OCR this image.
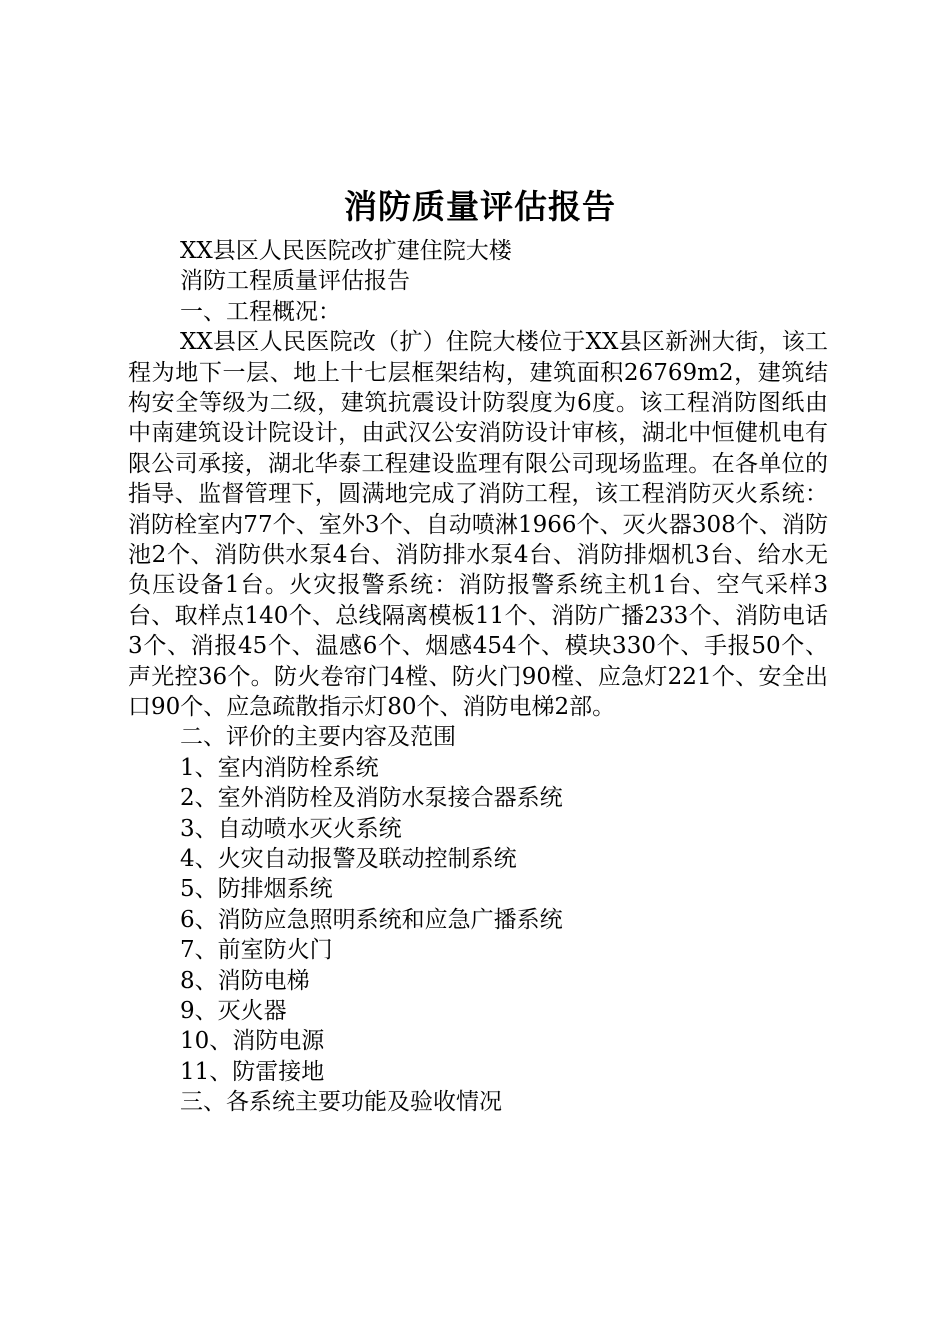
消防质量评估报告
XX县区人民医院改扩建住院大楼
消防工程质量评估报告
一、工程概况：
XX县区人民医院改（扩）住院大楼位于XX县区新洲大街，该工程为地下一层、地上十七层框架结构，建筑面积26769m2，建筑结构安全等级为二级，建筑抗震设计防裂度为6度。该工程消防图纸由中南建筑设计院设计，由武汉公安消防设计审核，湖北中恒健机电有限公司承接，湖北华泰工程建设监理有限公司现场监理。在各单位的指导、监督管理下，圆满地完成了消防工程，该工程消防灭火系统：消防栓室内77个、室外3个、自动喷淋1966个、灭火器308个、消防池2个、消防供水泵4台、消防排水泵4台、消防排烟机3台、给水无负压设备1台。火灾报警系统：消防报警系统主机1台、空气采样3台、取样点140个、总线隔离模板11个、消防广播233个、消防电话3个、消报45个、温感6个、烟感454个、模块330个、手报50个、声光控36个。防火卷帘门4樘、防火门90樘、应急灯221个、安全出口90个、应急疏散指示灯80个、消防电梯2部。
二、评价的主要内容及范围
1、室内消防栓系统
2、室外消防栓及消防水泵接合器系统
3、自动喷水灭火系统
4、火灾自动报警及联动控制系统
5、防排烟系统
6、消防应急照明系统和应急广播系统
7、前室防火门
8、消防电梯
9、灭火器
10、消防电源
11、防雷接地
三、各系统主要功能及验收情况
